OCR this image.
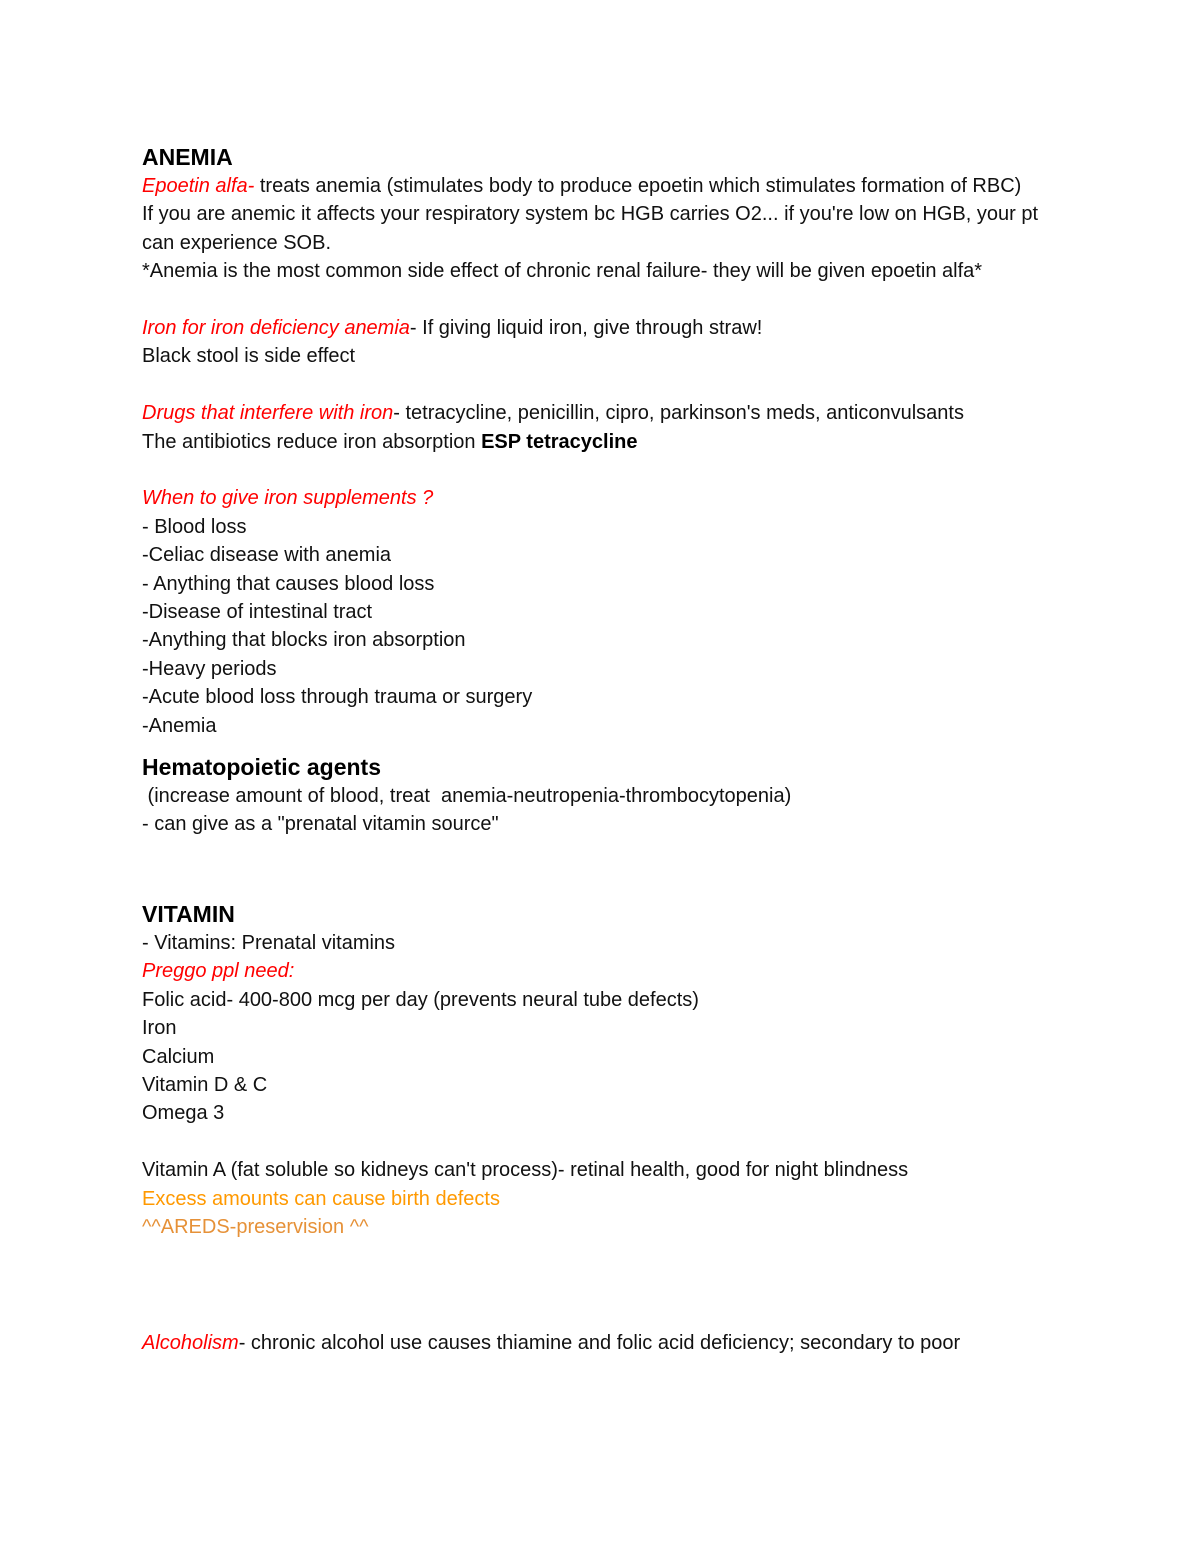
ANEMIA
Epoetin alfa- treats anemia (stimulates body to produce epoetin which stimulates formation of RBC)
If you are anemic it affects your respiratory system bc HGB carries O2... if you're low on HGB, your pt can experience SOB.
*Anemia is the most common side effect of chronic renal failure- they will be given epoetin alfa*
Iron for iron deficiency anemia- If giving liquid iron, give through straw!
Black stool is side effect
Drugs that interfere with iron- tetracycline, penicillin, cipro, parkinson's meds, anticonvulsants
The antibiotics reduce iron absorption ESP tetracycline
When to give iron supplements ?
- Blood loss
-Celiac disease with anemia
- Anything that causes blood loss
-Disease of intestinal tract
-Anything that blocks iron absorption
-Heavy periods
-Acute blood loss through trauma or surgery
-Anemia
Hematopoietic agents
(increase amount of blood, treat  anemia-neutropenia-thrombocytopenia)
- can give as a "prenatal vitamin source"
VITAMIN
- Vitamins: Prenatal vitamins
Preggo ppl need:
Folic acid- 400-800 mcg per day (prevents neural tube defects)
Iron
Calcium
Vitamin D & C
Omega 3
Vitamin A (fat soluble so kidneys can't process)- retinal health, good for night blindness
Excess amounts can cause birth defects
^^AREDS-preservision ^^
Alcoholism- chronic alcohol use causes thiamine and folic acid deficiency; secondary to poor
